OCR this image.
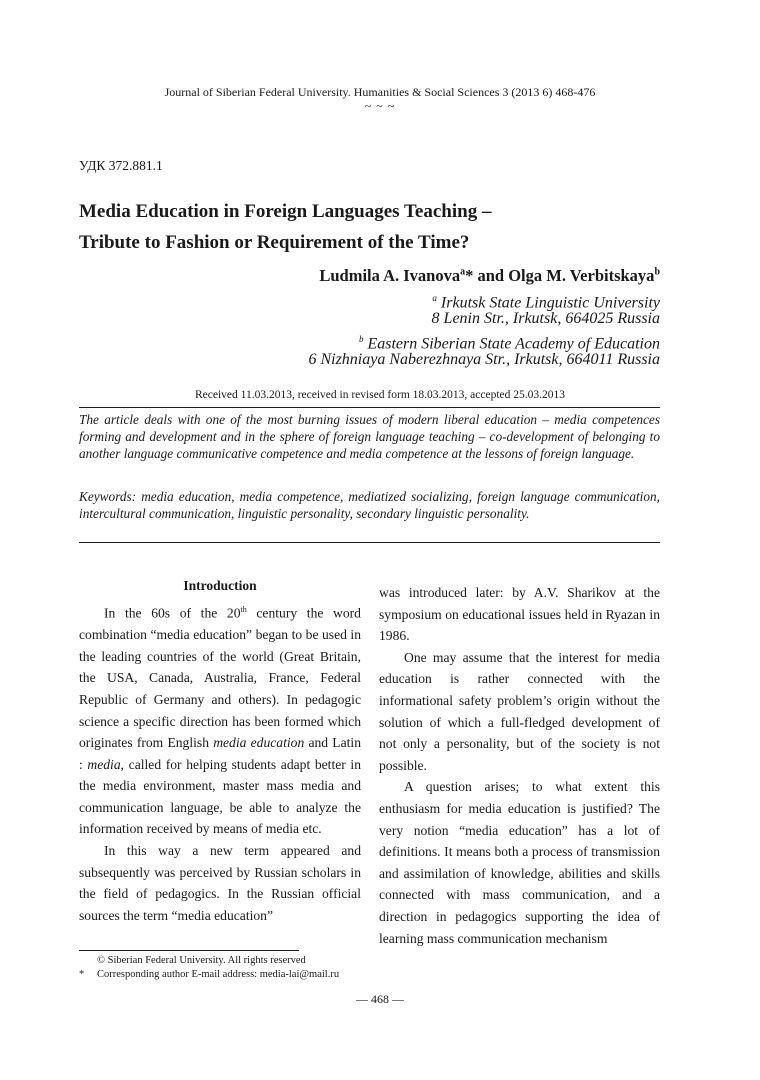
Journal of Siberian Federal University. Humanities & Social Sciences 3 (2013 6) 468-476
~ ~ ~
УДК 372.881.1
Media Education in Foreign Languages Teaching –
Tribute to Fashion or Requirement of the Time?
Ludmila A. Ivanova$^a$* and Olga M. Verbitskaya$^b$
$^a$ Irkutsk State Linguistic University
8 Lenin Str., Irkutsk, 664025 Russia
$^b$ Eastern Siberian State Academy of Education
6 Nizhniaya Naberezhnaya Str., Irkutsk, 664011 Russia
Received 11.03.2013, received in revised form 18.03.2013, accepted 25.03.2013
The article deals with one of the most burning issues of modern liberal education – media competences forming and development and in the sphere of foreign language teaching – co-development of belonging to another language communicative competence and media competence at the lessons of foreign language.
Keywords: media education, media competence, mediatized socializing, foreign language communication, intercultural communication, linguistic personality, secondary linguistic personality.
Introduction

In the 60s of the 20th century the word combination “media education” began to be used in the leading countries of the world (Great Britain, the USA, Canada, Australia, France, Federal Republic of Germany and others). In pedagogic science a specific direction has been formed which originates from English media education and Latin : media, called for helping students adapt better in the media environment, master mass media and communication language, be able to analyze the information received by means of media etc.

In this way a new term appeared and subsequently was perceived by Russian scholars in the field of pedagogics. In the Russian official sources the term “media education”

was introduced later: by A.V. Sharikov at the symposium on educational issues held in Ryazan in 1986.

One may assume that the interest for media education is rather connected with the informational safety problem’s origin without the solution of which a full-fledged development of not only a personality, but of the society is not possible.

A question arises; to what extent this enthusiasm for media education is justified? The very notion “media education” has a lot of definitions. It means both a process of transmission and assimilation of knowledge, abilities and skills connected with mass communication, and a direction in pedagogics supporting the idea of learning mass communication mechanism

© Siberian Federal University. All rights reserved
* Corresponding author E-mail address: media-lai@mail.ru
— 468 —
